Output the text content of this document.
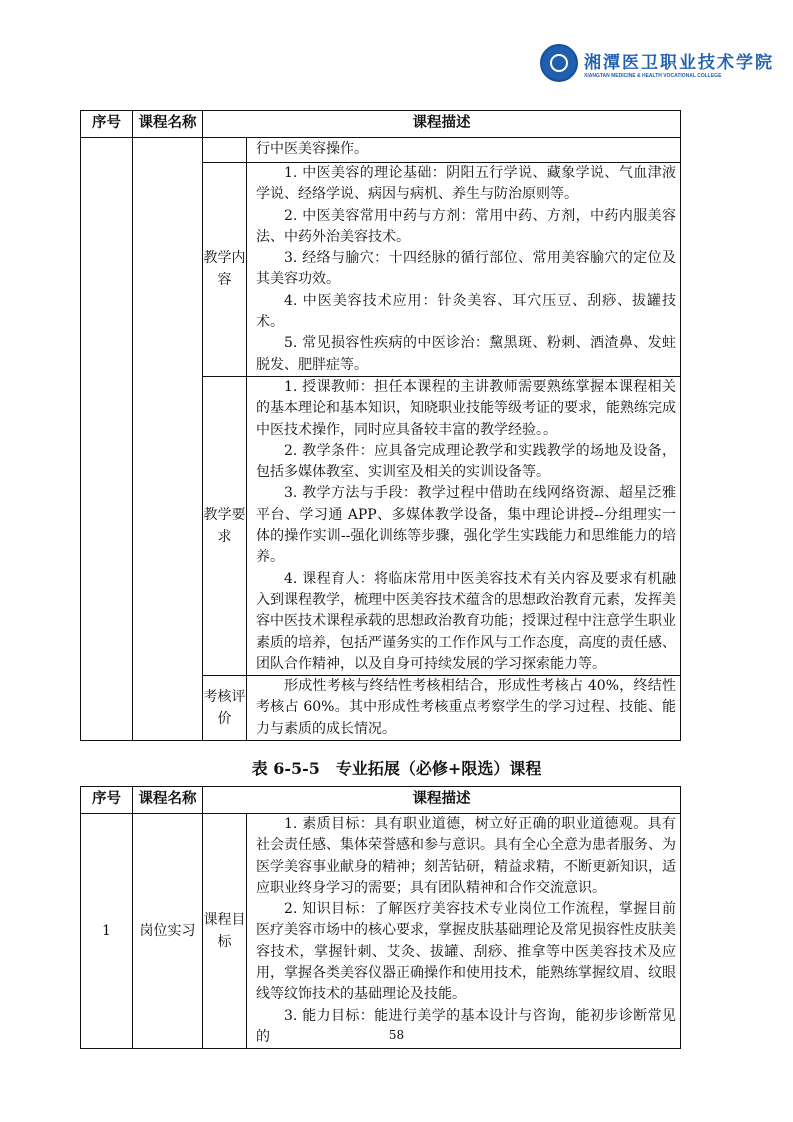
湘潭医卫职业技术学院
XIANGTAN MEDICINE & HEALTH VOCATIONAL COLLEGE
序号	课程名称	课程描述	

			行中医美容操作。

		教学内容	1. 中医美容的理论基础：阴阳五行学说、藏象学说、气血津液学说、经络学说、病因与病机、养生与防治原则等。

2. 中医美容常用中药与方剂：常用中药、方剂，中药内服美容法、中药外治美容技术。

3. 经络与腧穴：十四经脉的循行部位、常用美容腧穴的定位及其美容功效。

4. 中医美容技术应用：针灸美容、耳穴压豆、刮痧、拔罐技术。

5. 常见损容性疾病的中医诊治：黧黑斑、粉刺、酒渣鼻、发蛀脱发、肥胖症等。

		教学要求	1. 授课教师：担任本课程的主讲教师需要熟练掌握本课程相关的基本理论和基本知识，知晓职业技能等级考证的要求，能熟练完成中医技术操作，同时应具备较丰富的教学经验。。

2. 教学条件：应具备完成理论教学和实践教学的场地及设备，包括多媒体教室、实训室及相关的实训设备等。

3. 教学方法与手段：教学过程中借助在线网络资源、超星泛雅平台、学习通 APP、多媒体教学设备，集中理论讲授--分组理实一体的操作实训--强化训练等步骤，强化学生实践能力和思维能力的培养。

4. 课程育人：将临床常用中医美容技术有关内容及要求有机融入到课程教学，梳理中医美容技术蕴含的思想政治教育元素，发挥美容中医技术课程承载的思想政治教育功能；授课过程中注意学生职业素质的培养，包括严谨务实的工作作风与工作态度，高度的责任感、团队合作精神，以及自身可持续发展的学习探索能力等。

		考核评价	形成性考核与终结性考核相结合，形成性考核占 40%，终结性考核占 60%。其中形成性考核重点考察学生的学习过程、技能、能力与素质的成长情况。

表 6-5-5　专业拓展（必修+限选）课程
序号	课程名称	课程描述	
1	岗位实习	课程目标	1. 素质目标：具有职业道德，树立好正确的职业道德观。具有社会责任感、集体荣誉感和参与意识。具有全心全意为患者服务、为医学美容事业献身的精神；刻苦钻研，精益求精，不断更新知识，适应职业终身学习的需要；具有团队精神和合作交流意识。

2. 知识目标：了解医疗美容技术专业岗位工作流程，掌握目前医疗美容市场中的核心要求，掌握皮肤基础理论及常见损容性皮肤美容技术，掌握针刺、艾灸、拔罐、刮痧、推拿等中医美容技术及应用，掌握各类美容仪器正确操作和使用技术，能熟练掌握纹眉、纹眼线等纹饰技术的基础理论及技能。

3. 能力目标：能进行美学的基本设计与咨询，能初步诊断常见的	58
